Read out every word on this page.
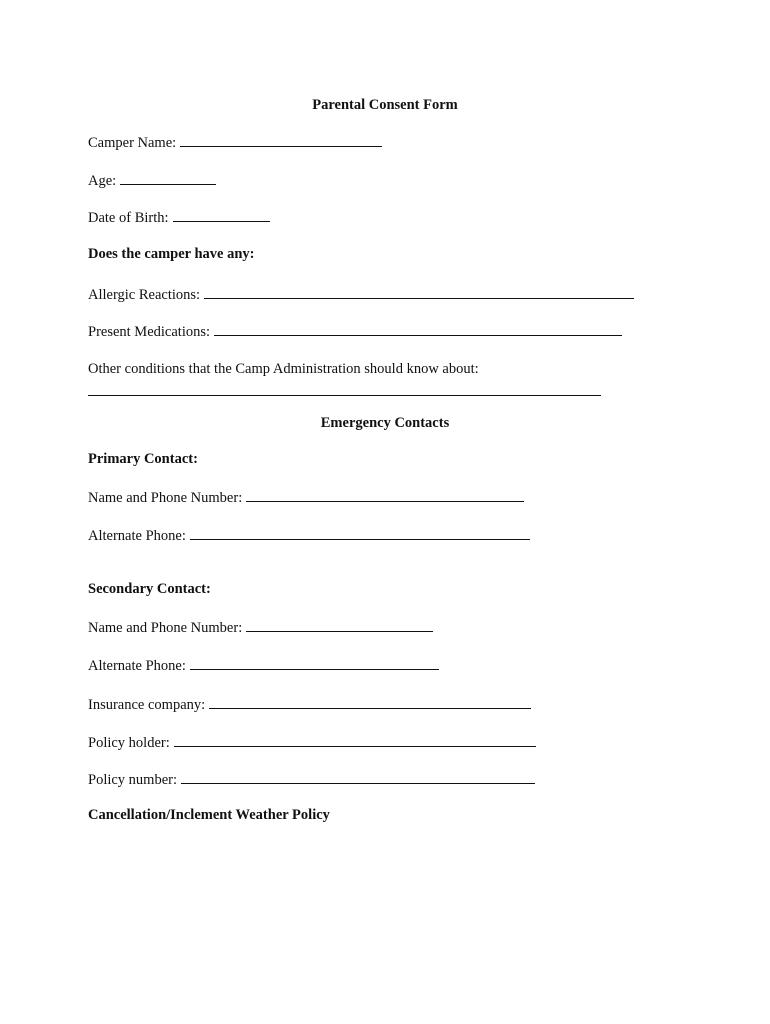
Parental Consent Form
Camper Name:
Age:
Date of Birth:
Does the camper have any:
Allergic Reactions:
Present Medications:
Other conditions that the Camp Administration should know about:
Emergency Contacts
Primary Contact:
Name and Phone Number:
Alternate Phone:
Secondary Contact:
Name and Phone Number:
Alternate Phone:
Insurance company:
Policy holder:
Policy number:
Cancellation/Inclement Weather Policy
